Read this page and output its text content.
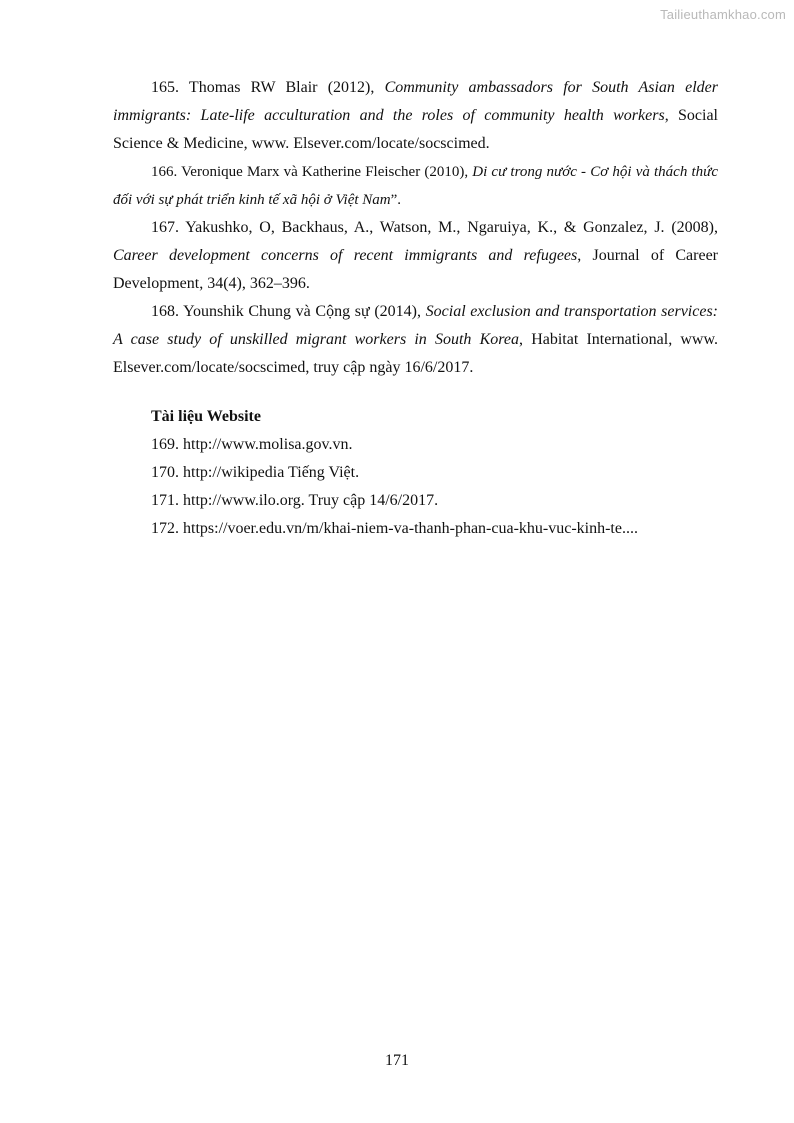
Tailieuthamkhao.com

165. Thomas RW Blair (2012), Community ambassadors for South Asian elder immigrants: Late-life acculturation and the roles of community health workers, Social Science & Medicine, www. Elsever.com/locate/socscimed.

166. Veronique Marx và Katherine Fleischer (2010), Di cư trong nước - Cơ hội và thách thức đối với sự phát triển kinh tế xã hội ở Việt Nam”.

167. Yakushko, O, Backhaus, A., Watson, M., Ngaruiya, K., & Gonzalez, J. (2008), Career development concerns of recent immigrants and refugees, Journal of Career Development, 34(4), 362–396.

168. Younshik Chung và Cộng sự (2014), Social exclusion and transportation services: A case study of unskilled migrant workers in South Korea, Habitat International, www. Elsever.com/locate/socscimed, truy cập ngày 16/6/2017.

Tài liệu Website
169. http://www.molisa.gov.vn.
170. http://wikipedia Tiếng Việt.
171. http://www.ilo.org. Truy cập 14/6/2017.
172. https://voer.edu.vn/m/khai-niem-va-thanh-phan-cua-khu-vuc-kinh-te....
171
